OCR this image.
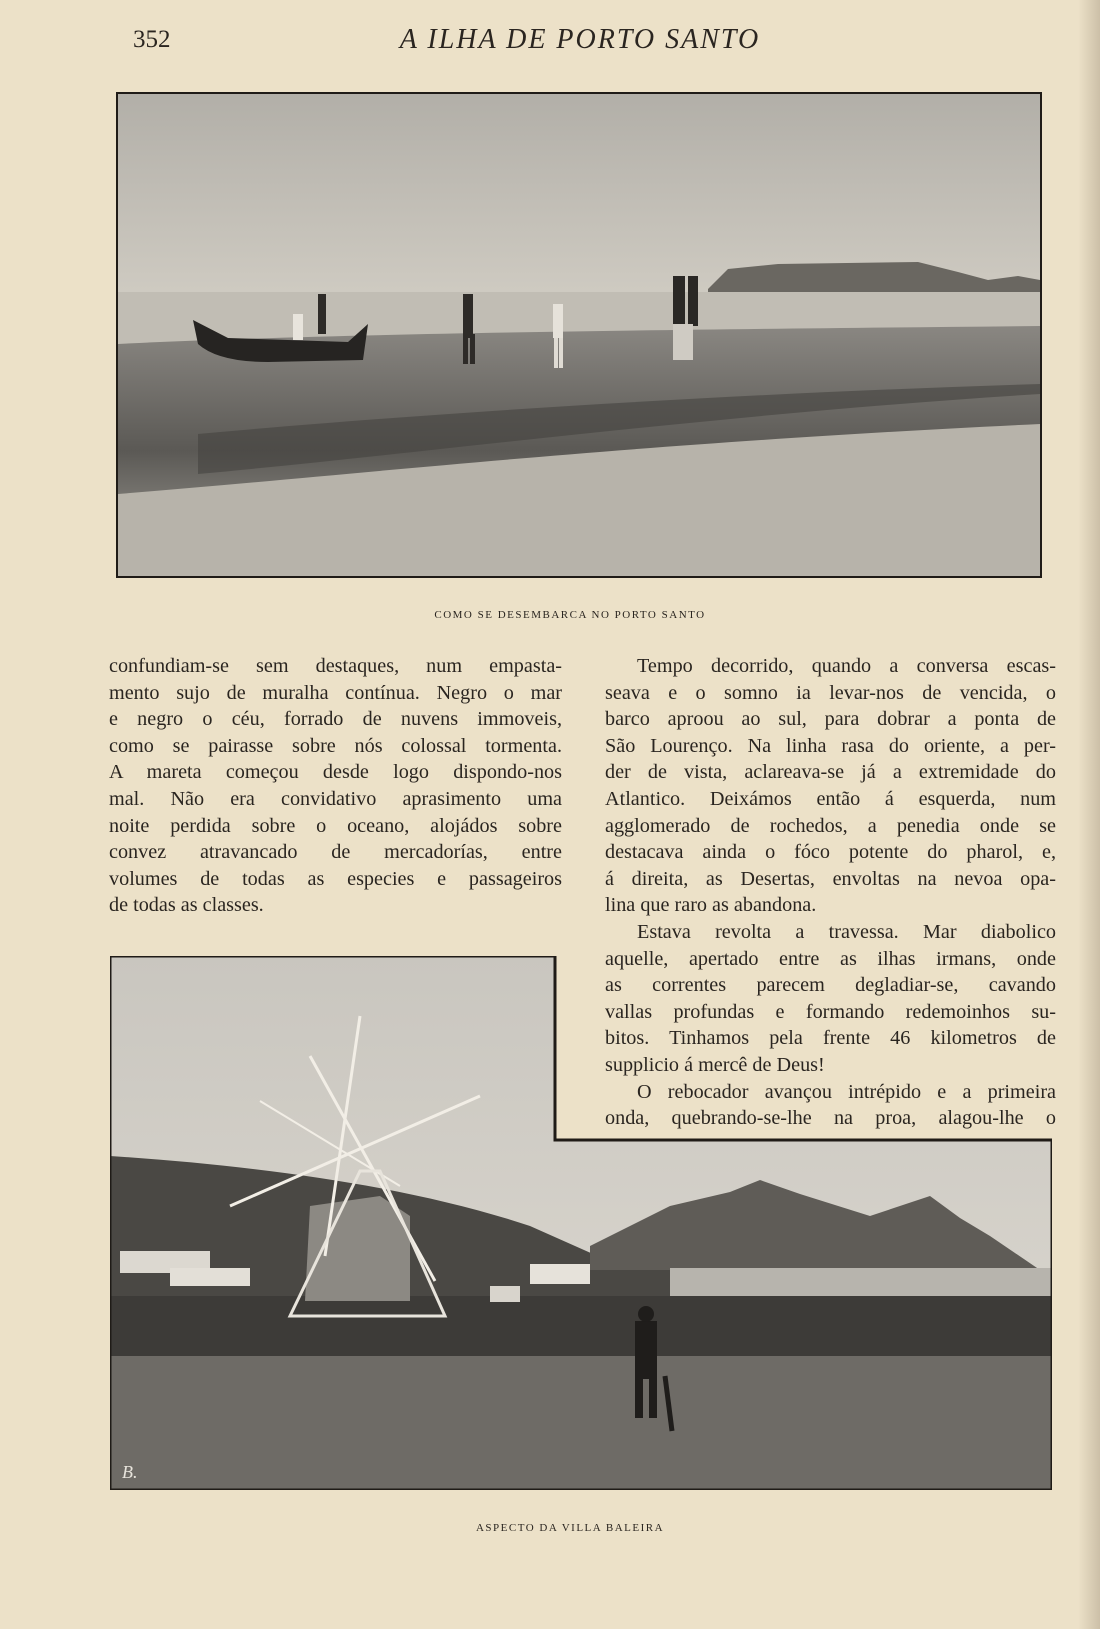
352	A ILHA DE PORTO SANTO
COMO SE DESEMBARCA NO PORTO SANTO
confundiam-se sem destaques, num empasta-
mento sujo de muralha contínua. Negro o mar
e negro o céu, forrado de nuvens immoveis,
como se pairasse sobre nós colossal tormenta.
A mareta começou desde logo dispondo-nos
mal. Não era convidativo aprasimento uma
noite perdida sobre o oceano, alojádos sobre
convez atravancado de mercadorías, entre
volumes de todas as especies e passageiros
de todas as classes.
Tempo decorrido, quando a conversa escas-
seava e o somno ia levar-nos de vencida, o
barco aproou ao sul, para dobrar a ponta de
São Lourenço. Na linha rasa do oriente, a per-
der de vista, aclareava-se já a extremidade do
Atlantico. Deixámos então á esquerda, num
agglomerado de rochedos, a penedia onde se
destacava ainda o fóco potente do pharol, e,
á direita, as Desertas, envoltas na nevoa opa-
lina que raro as abandona.
Estava revolta a travessa. Mar diabolico
aquelle, apertado entre as ilhas irmans, onde
as correntes parecem degladiar-se, cavando
vallas profundas e formando redemoinhos su-
bitos. Tinhamos pela frente 46 kilometros de
supplicio á mercê de Deus!
O rebocador avançou intrépido e a primeira
onda, quebrando-se-lhe na proa, alagou-lhe o
B.
ASPECTO DA VILLA BALEIRA
